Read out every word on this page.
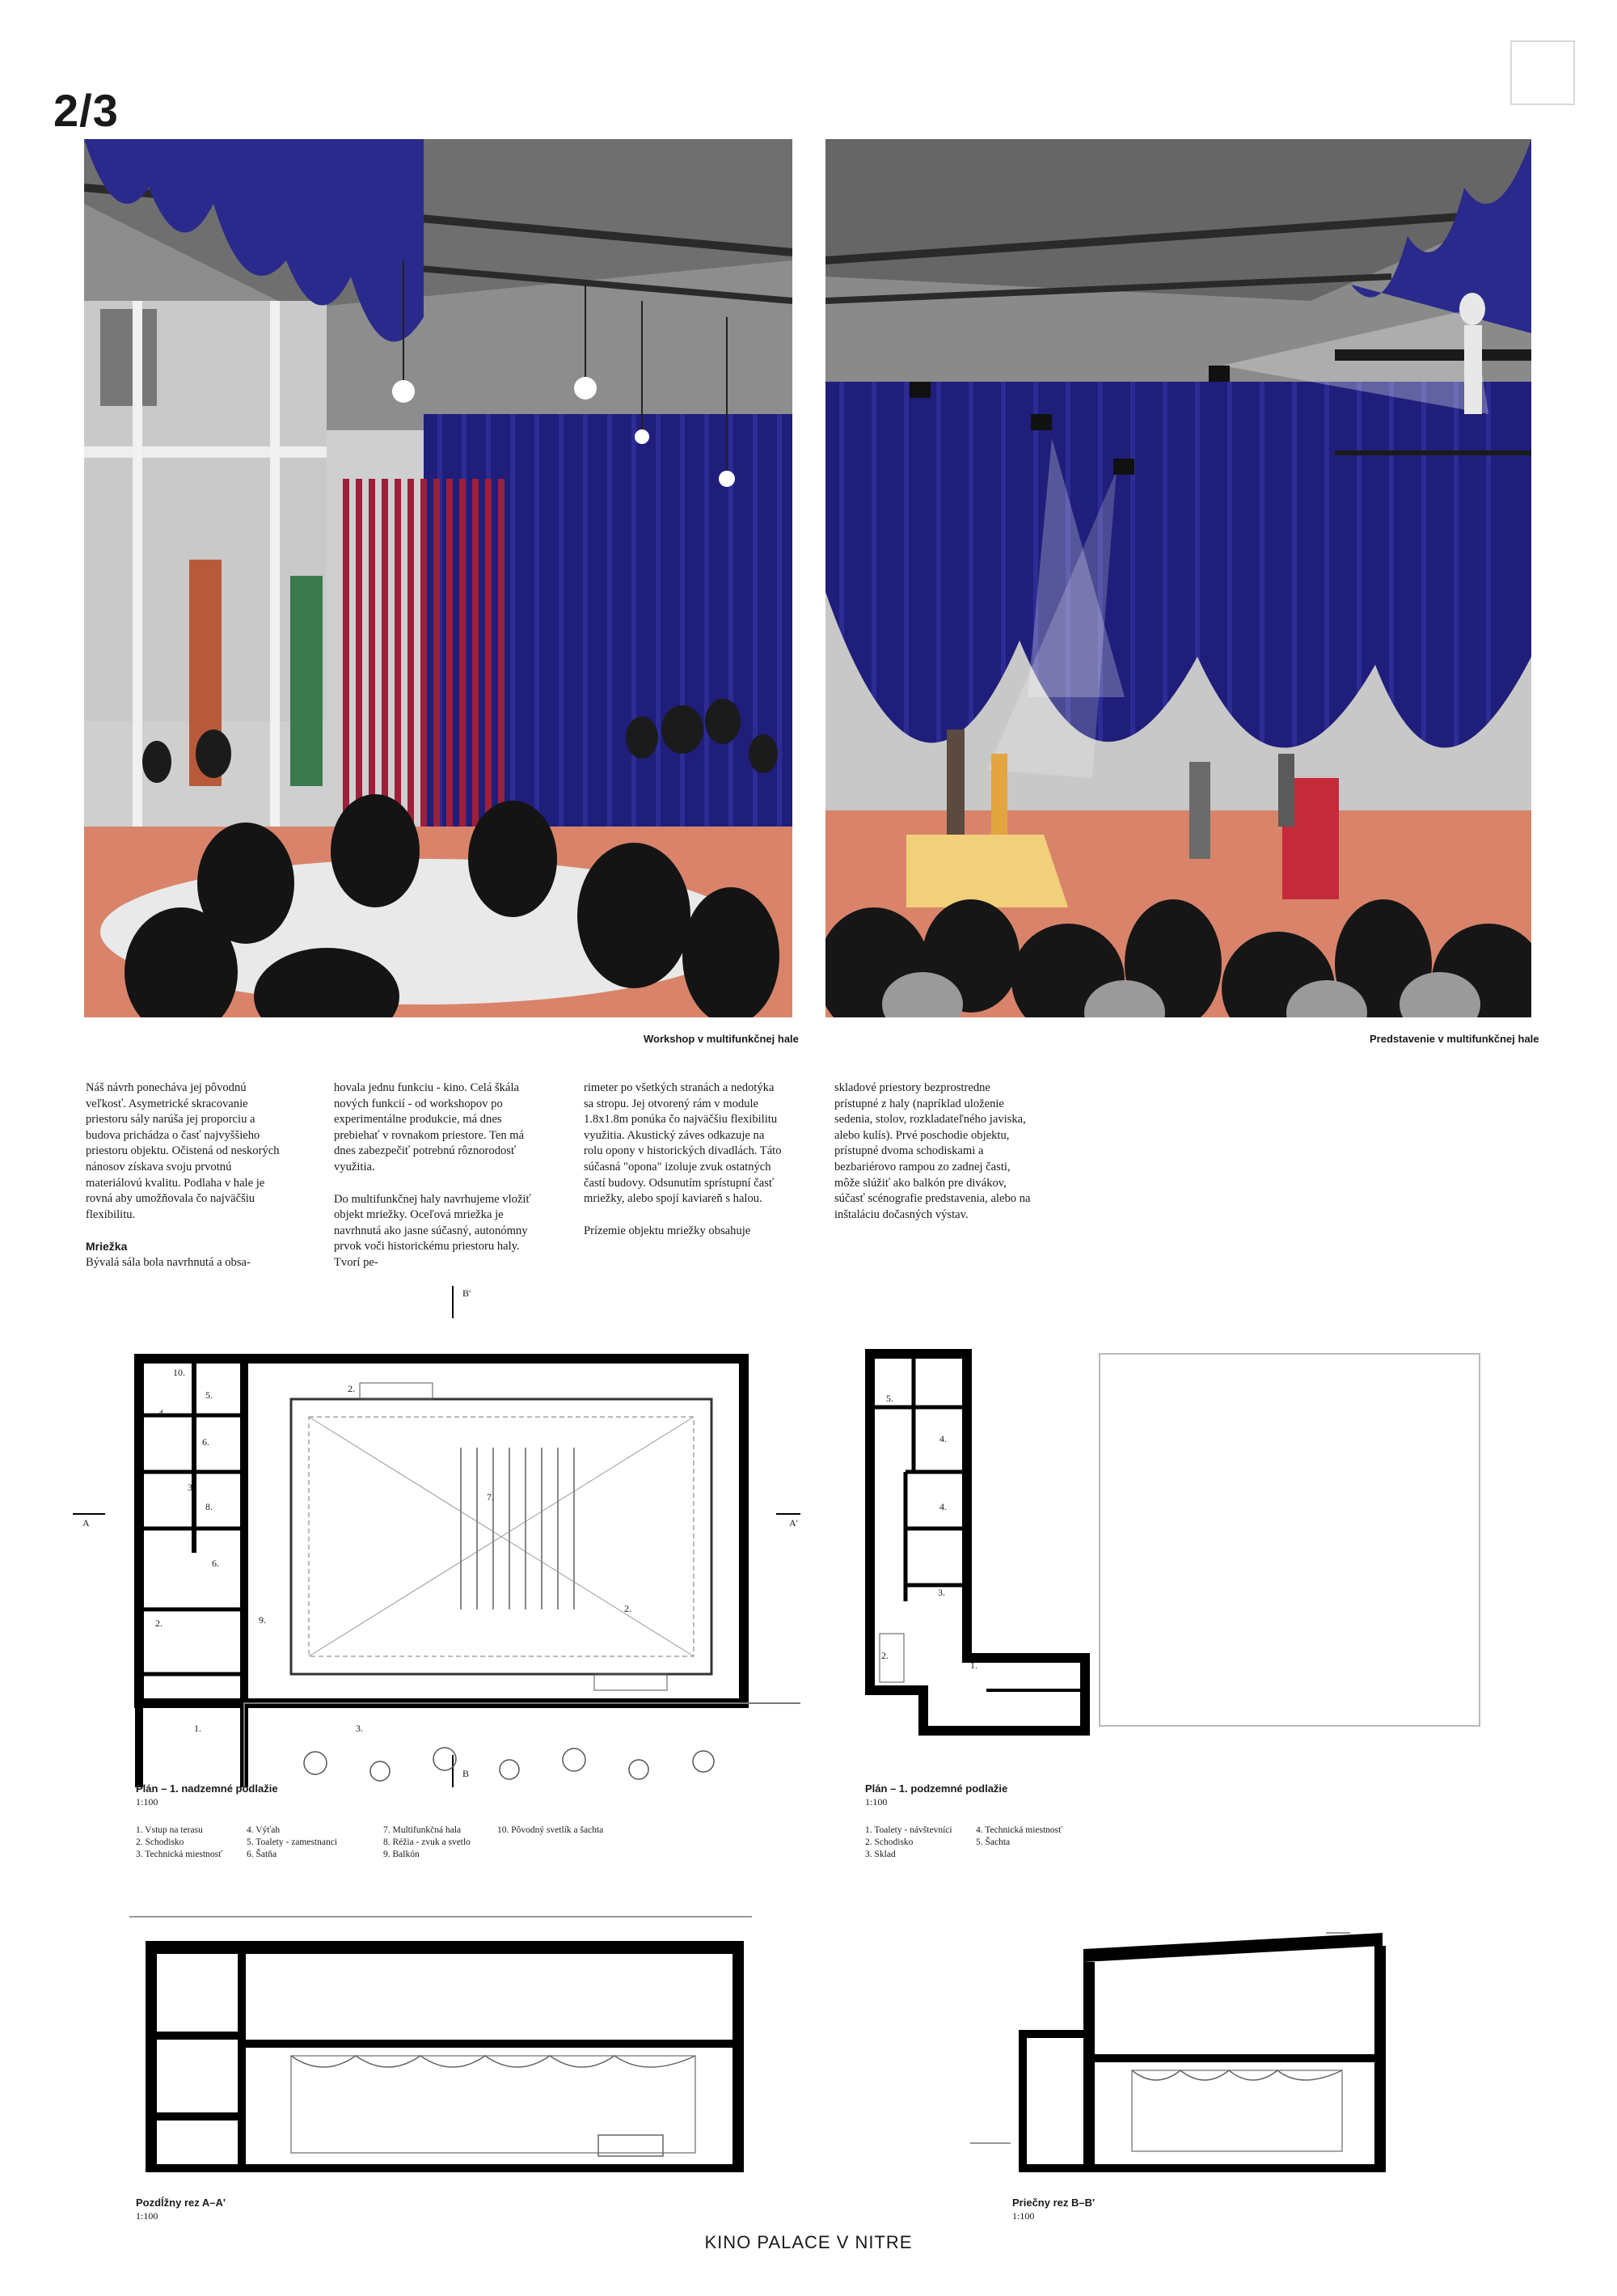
2/3
Workshop v multifunkčnej hale	Predstavenie v multifunkčnej hale

Náš návrh ponecháva jej pôvodnú veľkosť. Asymetrické skracovanie priestoru sály narúša jej proporciu a budova prichádza o časť najvyššieho priestoru objektu. Očistená od neskorých nánosov získava svoju prvotnú materiálovú kvalitu. Podlaha v hale je rovná aby umožňovala čo najväčšiu flexibilitu.

Mriežka

Bývalá sála bola navrhnutá a obsa-

hovala jednu funkciu - kino. Celá škála nových funkcií - od workshopov po experimentálne produkcie, má dnes prebiehať v rovnakom priestore. Ten má dnes zabezpečiť potrebnú rôznorodosť využitia.

Do multifunkčnej haly navrhujeme vložiť objekt mriežky. Oceľová mriežka je navrhnutá ako jasne súčasný, autonómny prvok voči historickému priestoru haly. Tvorí pe-

rimeter po všetkých stranách a nedotýka sa stropu. Jej otvorený rám v module 1.8x1.8m ponúka čo najväčšiu flexibilitu využitia. Akustický záves odkazuje na rolu opony v historických divadlách. Táto súčasná "opona" izoluje zvuk ostatných častí budovy. Odsunutím sprístupní časť mriežky, alebo spojí kaviareň s halou.

Prízemie objektu mriežky obsahuje

skladové priestory bezprostredne prístupné z haly (napríklad uloženie sedenia, stolov, rozkladateľného javiska, alebo kulís). Prvé poschodie objektu, prístupné dvoma schodiskami a bezbariérovo rampou zo zadnej časti, môže slúžiť ako balkón pre divákov, súčasť scénografie predstavenia, alebo na inštaláciu dočasných výstav.

10.
5.
4.
6.
3.
8.
6.
2.	9.
1.	3.
2.
7.
2.
A	A'
B'
B
Plán – 1. nadzemné podlažie
1:100
1. Vstup na terasu
2. Schodisko
3. Technická miestnosť
4. Výťah
5. Toalety - zamestnanci
6. Šatňa
7. Multifunkčná hala
8. Réžia - zvuk a svetlo
9. Balkón
10. Pôvodný svetlík a šachta
5.
4.
4.
3.
2.
1.
Plán – 1. podzemné podlažie
1:100
1. Toalety - návštevníci
2. Schodisko
3. Sklad
4. Technická miestnosť
5. Šachta
Pozdĺžny rez A–A'
1:100
Priečny rez B–B'
1:100
KINO PALACE V NITRE
